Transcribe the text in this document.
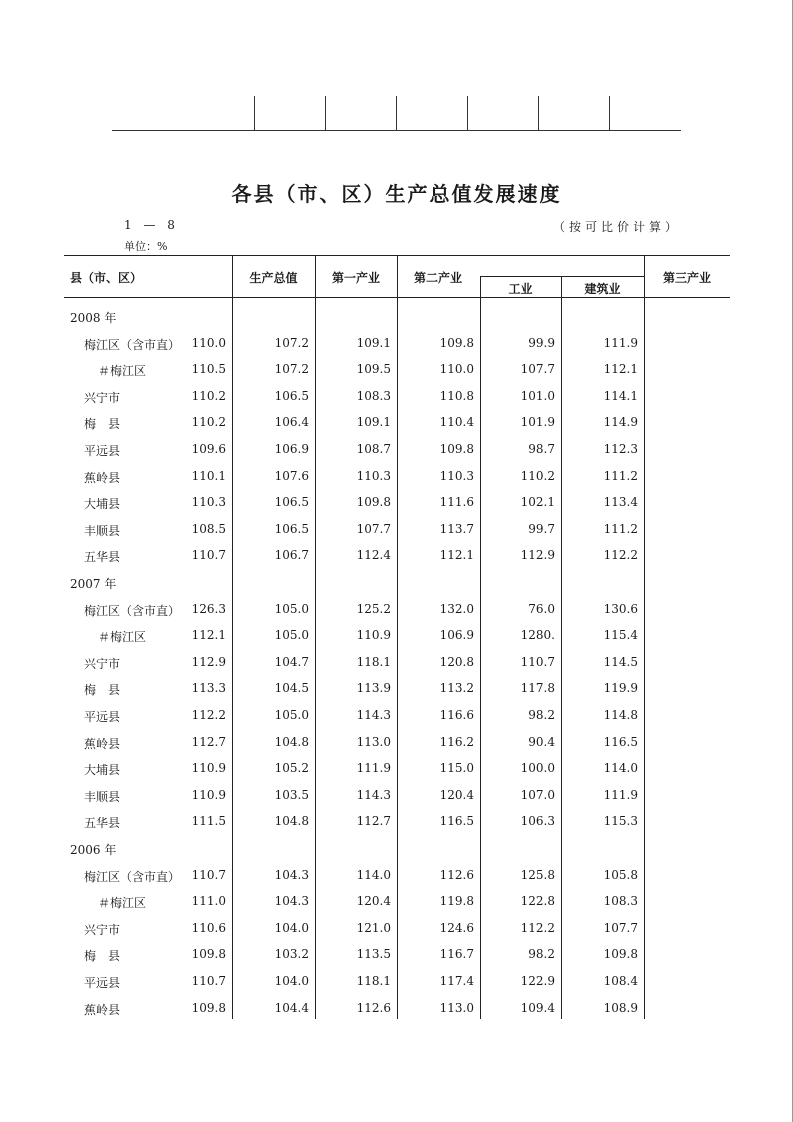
各县（市、区）生产总值发展速度
1 — 8	（按可比价计算）
单位：%
县（市、区）	生产总值	第一产业	第二产业
工业	建筑业
第三产业
2008 年
梅江区（含市直） 110.0	107.2	109.1	109.8	99.9	111.9
＃梅江区	110.5	107.2	109.5	110.0	107.7	112.1
兴宁市	110.2	106.5	108.3	110.8	101.0	114.1
梅　县	110.2	106.4	109.1	110.4	101.9	114.9
平远县	109.6	106.9	108.7	109.8	98.7	112.3
蕉岭县	110.1	107.6	110.3	110.3	110.2	111.2
大埔县	110.3	106.5	109.8	111.6	102.1	113.4
丰顺县	108.5	106.5	107.7	113.7	99.7	111.2
五华县	110.7	106.7	112.4	112.1	112.9	112.2
2007 年
梅江区（含市直） 126.3	105.0	125.2	132.0	76.0	130.6
＃梅江区	112.1	105.0	110.9	106.9	1280.	115.4
兴宁市	112.9	104.7	118.1	120.8	110.7	114.5
梅　县	113.3	104.5	113.9	113.2	117.8	119.9
平远县	112.2	105.0	114.3	116.6	98.2	114.8
蕉岭县	112.7	104.8	113.0	116.2	90.4	116.5
大埔县	110.9	105.2	111.9	115.0	100.0	114.0
丰顺县	110.9	103.5	114.3	120.4	107.0	111.9
五华县	111.5	104.8	112.7	116.5	106.3	115.3
2006 年
梅江区（含市直） 110.7	104.3	114.0	112.6	125.8	105.8
＃梅江区	111.0	104.3	120.4	119.8	122.8	108.3
兴宁市	110.6	104.0	121.0	124.6	112.2	107.7
梅　县	109.8	103.2	113.5	116.7	98.2	109.8
平远县	110.7	104.0	118.1	117.4	122.9	108.4
蕉岭县	109.8	104.4	112.6	113.0	109.4	108.9
